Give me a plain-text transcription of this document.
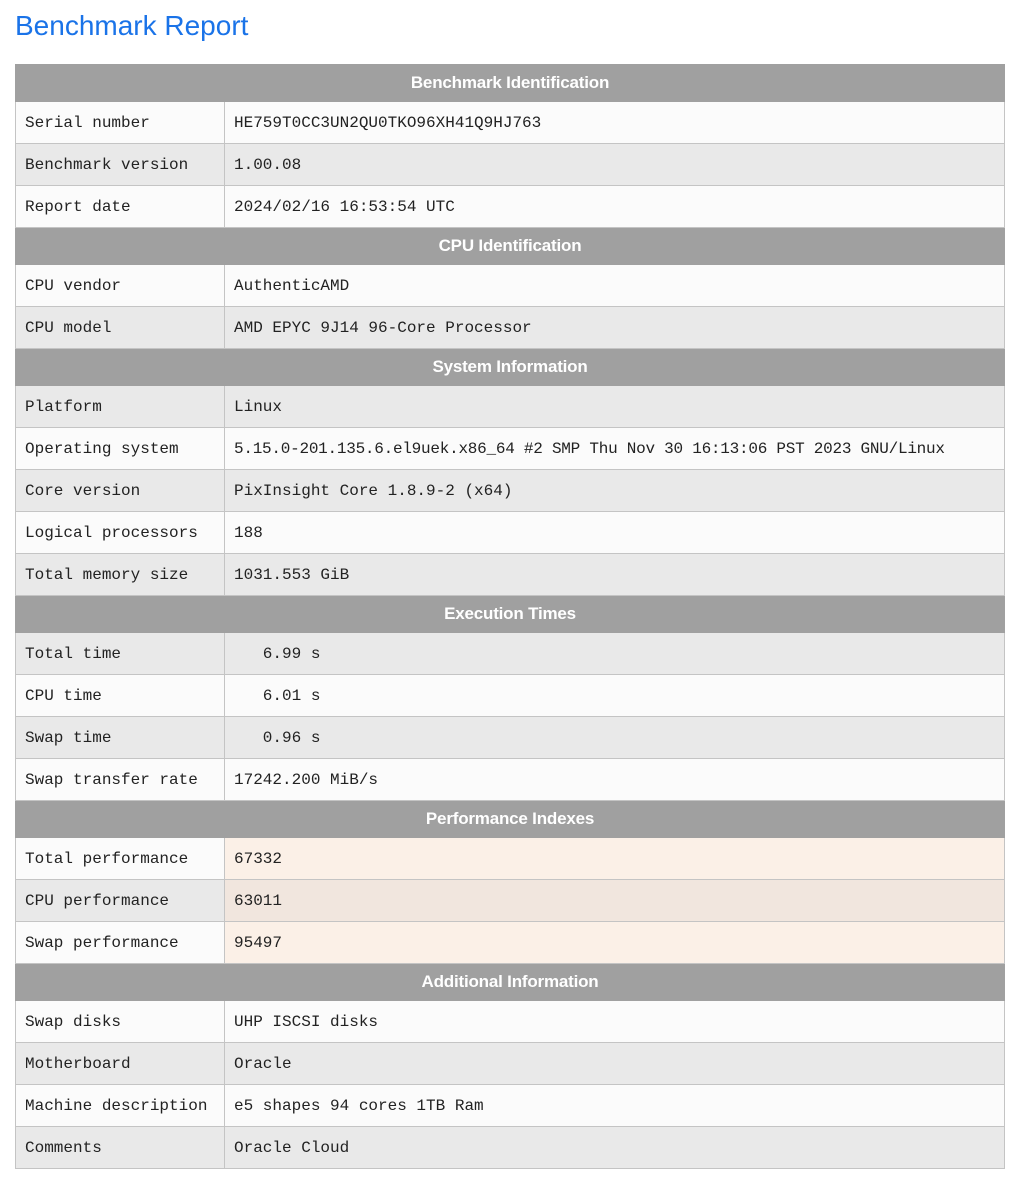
Benchmark Report
Benchmark Identification	
Serial number	HE759T0CC3UN2QU0TKO96XH41Q9HJ763
Benchmark version	1.00.08
Report date	2024/02/16 16:53:54 UTC
CPU Identification	
CPU vendor	AuthenticAMD
CPU model	AMD EPYC 9J14 96-Core Processor
System Information	
Platform	Linux
Operating system	5.15.0-201.135.6.el9uek.x86_64 #2 SMP Thu Nov 30 16:13:06 PST 2023 GNU/Linux
Core version	PixInsight Core 1.8.9-2 (x64)
Logical processors	188
Total memory size	1031.553 GiB
Execution Times	
Total time	6.99 s
CPU time	6.01 s
Swap time	0.96 s
Swap transfer rate	17242.200 MiB/s
Performance Indexes	
Total performance	67332
CPU performance	63011
Swap performance	95497
Additional Information	
Swap disks	UHP ISCSI disks
Motherboard	Oracle
Machine description	e5 shapes 94 cores 1TB Ram
Comments	Oracle Cloud
